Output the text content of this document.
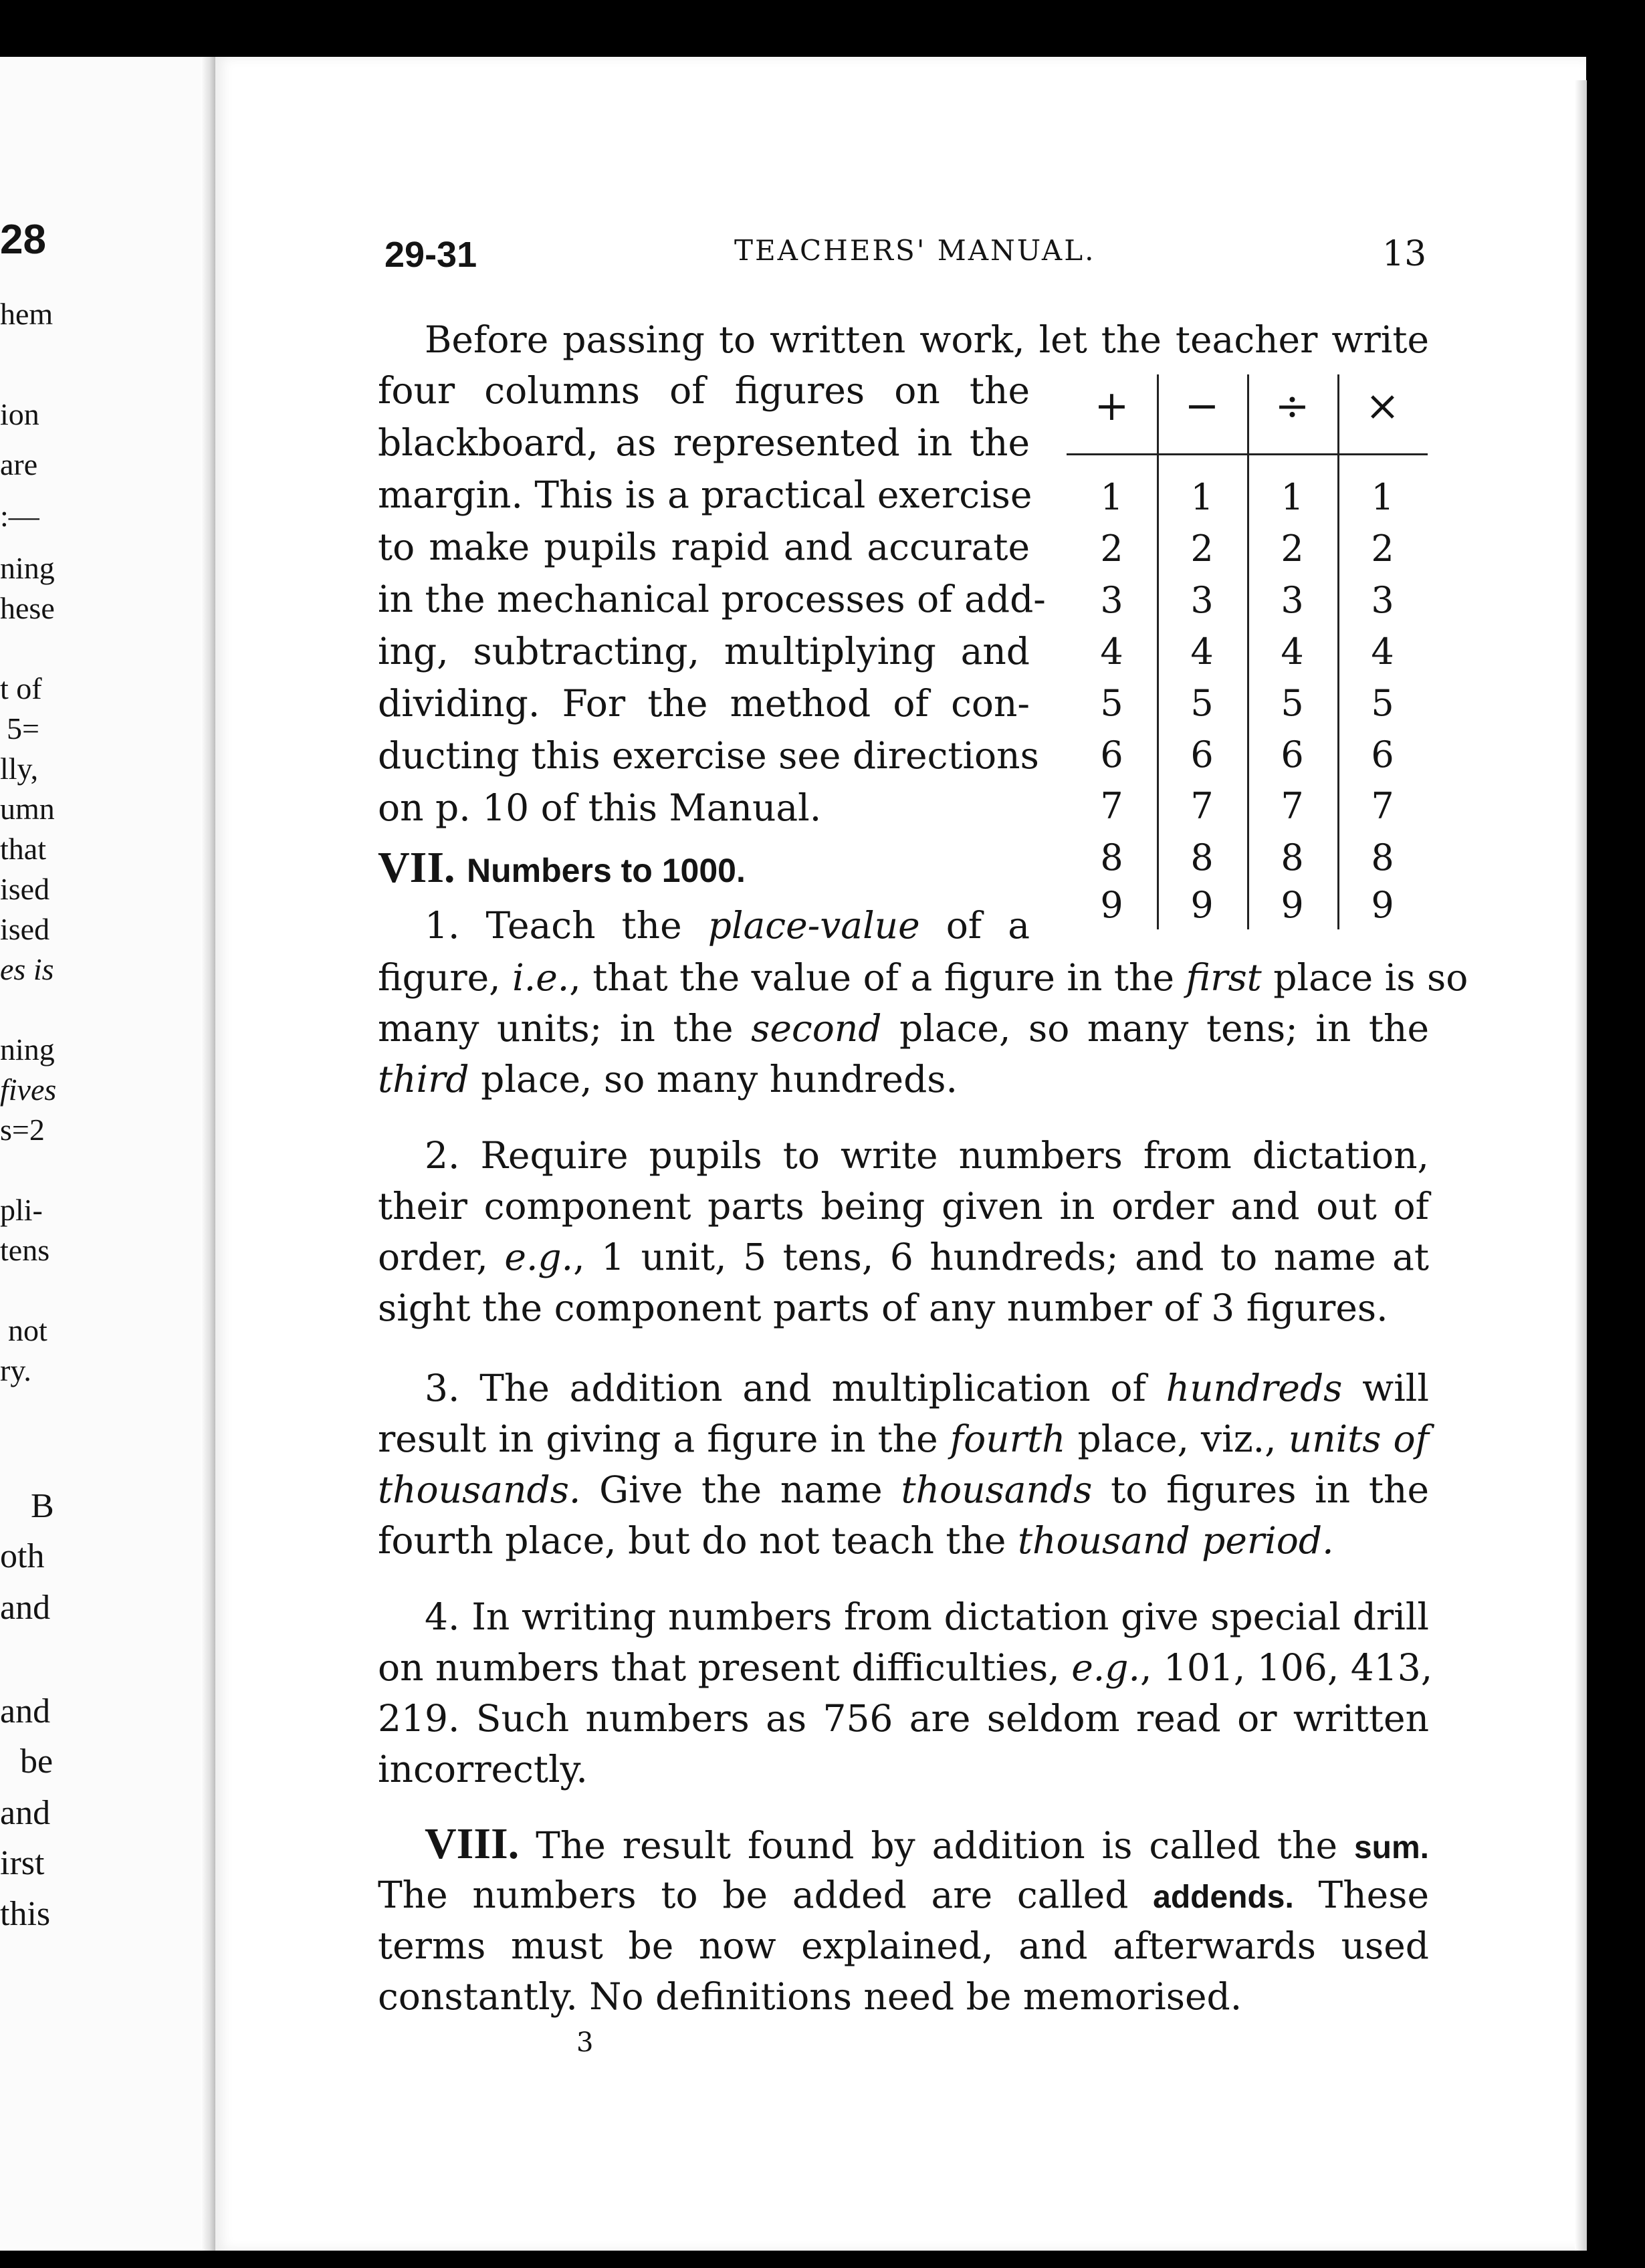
28
hem
ion
are
:—
ning
hese
t of
5=
lly,
umn
that
ised
ised
es is
ning
fives
s=2
pli-
tens
not
ry.
B
oth
and
and
be
and
irst
this
29-31	TEACHERS' MANUAL.	13
Before passing to written work, let the teacher write
four columns of figures on the
blackboard, as represented in the
margin. This is a practical exercise
to make pupils rapid and accurate
in the mechanical processes of add-
ing, subtracting, multiplying and
dividing. For the method of con-
ducting this exercise see directions
on p. 10 of this Manual.
+	−	÷	×
1	1	1	1
2	2	2	2
3	3	3	3
4	4	4	4
5	5	5	5
6	6	6	6
7	7	7	7
8	8	8	8
9	9	9	9
VII. Numbers to 1000.
1. Teach the place-value of a
figure, i.e., that the value of a figure in the first place is so
many units; in the second place, so many tens; in the
third place, so many hundreds.
2. Require pupils to write numbers from dictation,
their component parts being given in order and out of
order, e.g., 1 unit, 5 tens, 6 hundreds; and to name at
sight the component parts of any number of 3 figures.
3. The addition and multiplication of hundreds will
result in giving a figure in the fourth place, viz., units of
thousands. Give the name thousands to figures in the
fourth place, but do not teach the thousand period.
4. In writing numbers from dictation give special drill
on numbers that present difficulties, e.g., 101, 106, 413,
219. Such numbers as 756 are seldom read or written
incorrectly.
VIII. The result found by addition is called the sum.
The numbers to be added are called addends. These
terms must be now explained, and afterwards used
constantly. No definitions need be memorised.
3
